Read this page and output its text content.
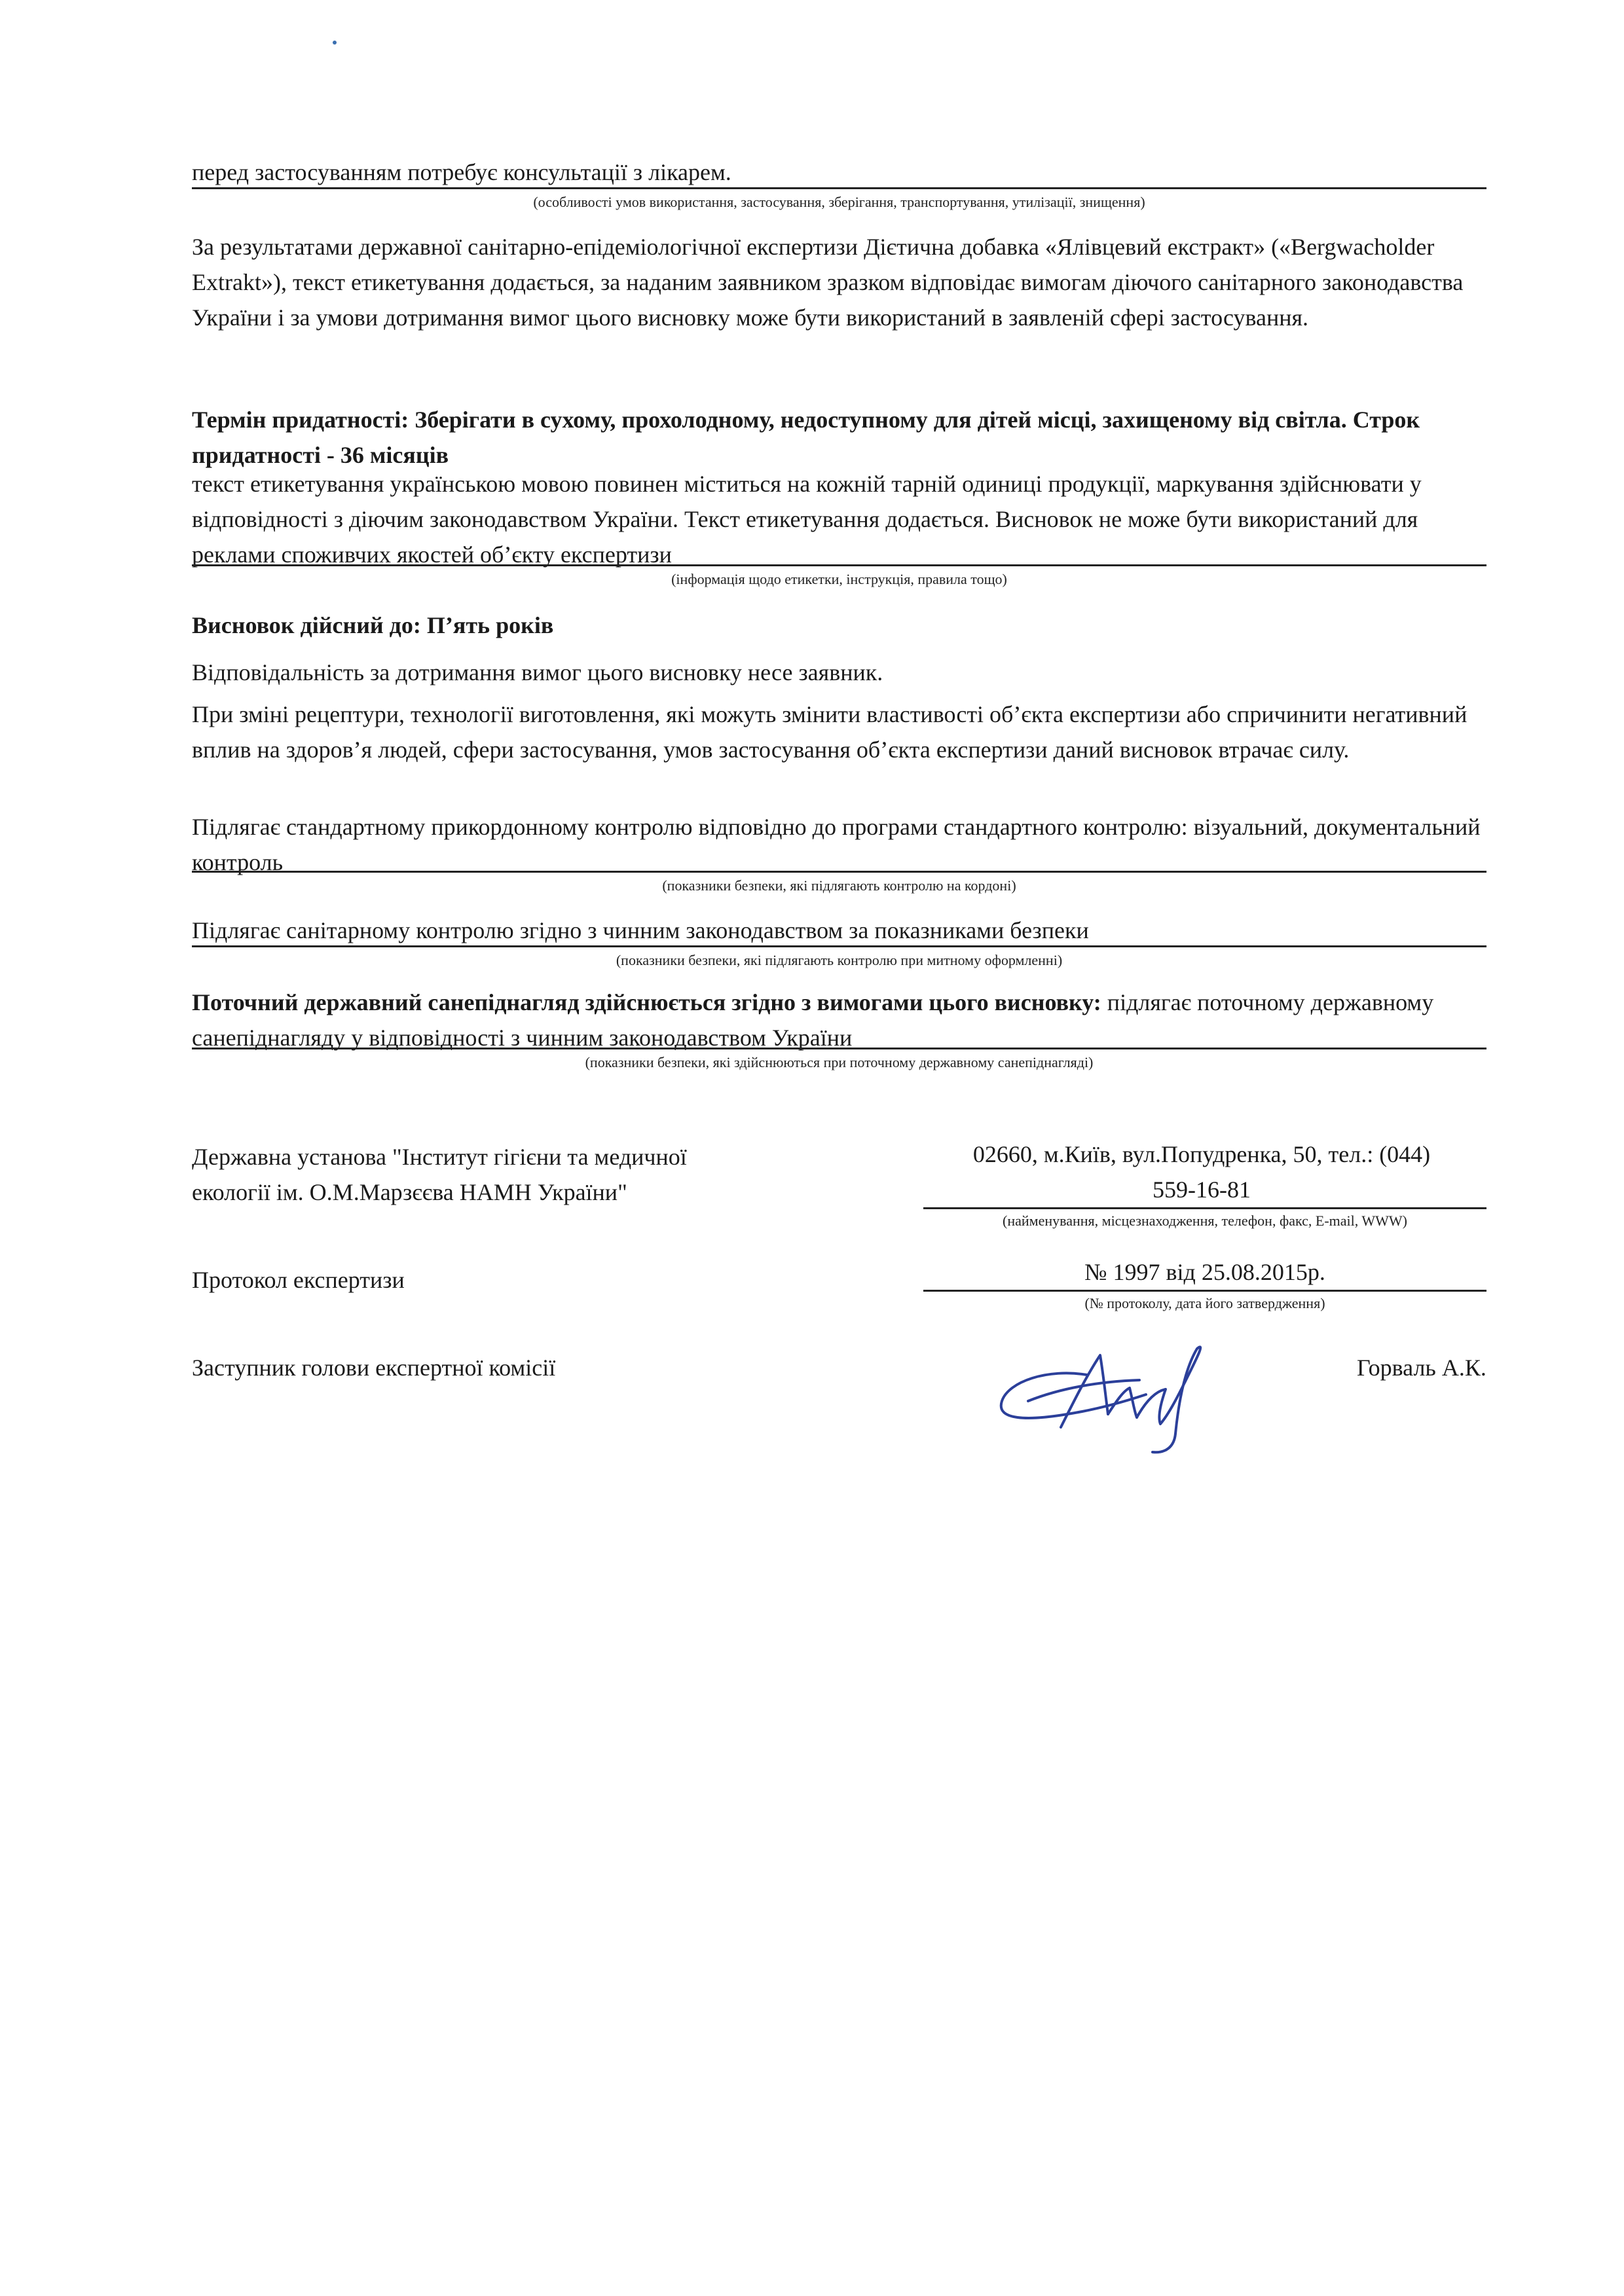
перед застосуванням потребує консультації з лікарем.
(особливості умов використання, застосування, зберігання, транспортування, утилізації, знищення)
За результатами державної санітарно-епідеміологічної експертизи Дієтична добавка «Ялівцевий екстракт» («Bergwacholder Extrakt»), текст етикетування додається, за наданим заявником зразком відповідає вимогам діючого санітарного законодавства України і за умови дотримання вимог цього висновку може бути використаний в заявленій сфері застосування.
Термін придатності: Зберігати в сухому, прохолодному, недоступному для дітей місці, захищеному від світла. Строк придатності - 36 місяців
текст етикетування українською мовою повинен міститься на кожній тарній одиниці продукції, маркування здійснювати у відповідності з діючим законодавством України. Текст етикетування додається. Висновок не може бути використаний для реклами споживчих якостей об’єкту експертизи
(інформація щодо етикетки, інструкція, правила тощо)
Висновок дійсний до: П’ять років
Відповідальність за дотримання вимог цього висновку несе заявник.
При зміні рецептури, технології виготовлення, які можуть змінити властивості об’єкта експертизи або спричинити негативний вплив на здоров’я людей, сфери застосування, умов застосування об’єкта експертизи даний висновок втрачає силу.
Підлягає стандартному прикордонному контролю відповідно до програми стандартного контролю: візуальний, документальний контроль
(показники безпеки, які підлягають контролю на кордоні)
Підлягає санітарному контролю згідно з чинним законодавством за показниками безпеки
(показники безпеки, які підлягають контролю при митному оформленні)
Поточний державний санепіднагляд здійснюється згідно з вимогами цього висновку: підлягає поточному державному санепіднагляду у відповідності з чинним законодавством України
(показники безпеки, які здійснюються при поточному державному санепіднагляді)
Державна установа "Інститут гігієни та медичної
екології ім. О.М.Марзєєва НАМН України"
02660, м.Київ, вул.Попудренка, 50, тел.: (044)
559-16-81
(найменування, місцезнаходження, телефон, факс, E-mail, WWW)
Протокол експертизи	№ 1997 від 25.08.2015р.
(№ протоколу, дата його затвердження)
Заступник голови експертної комісії	Горваль А.К.
